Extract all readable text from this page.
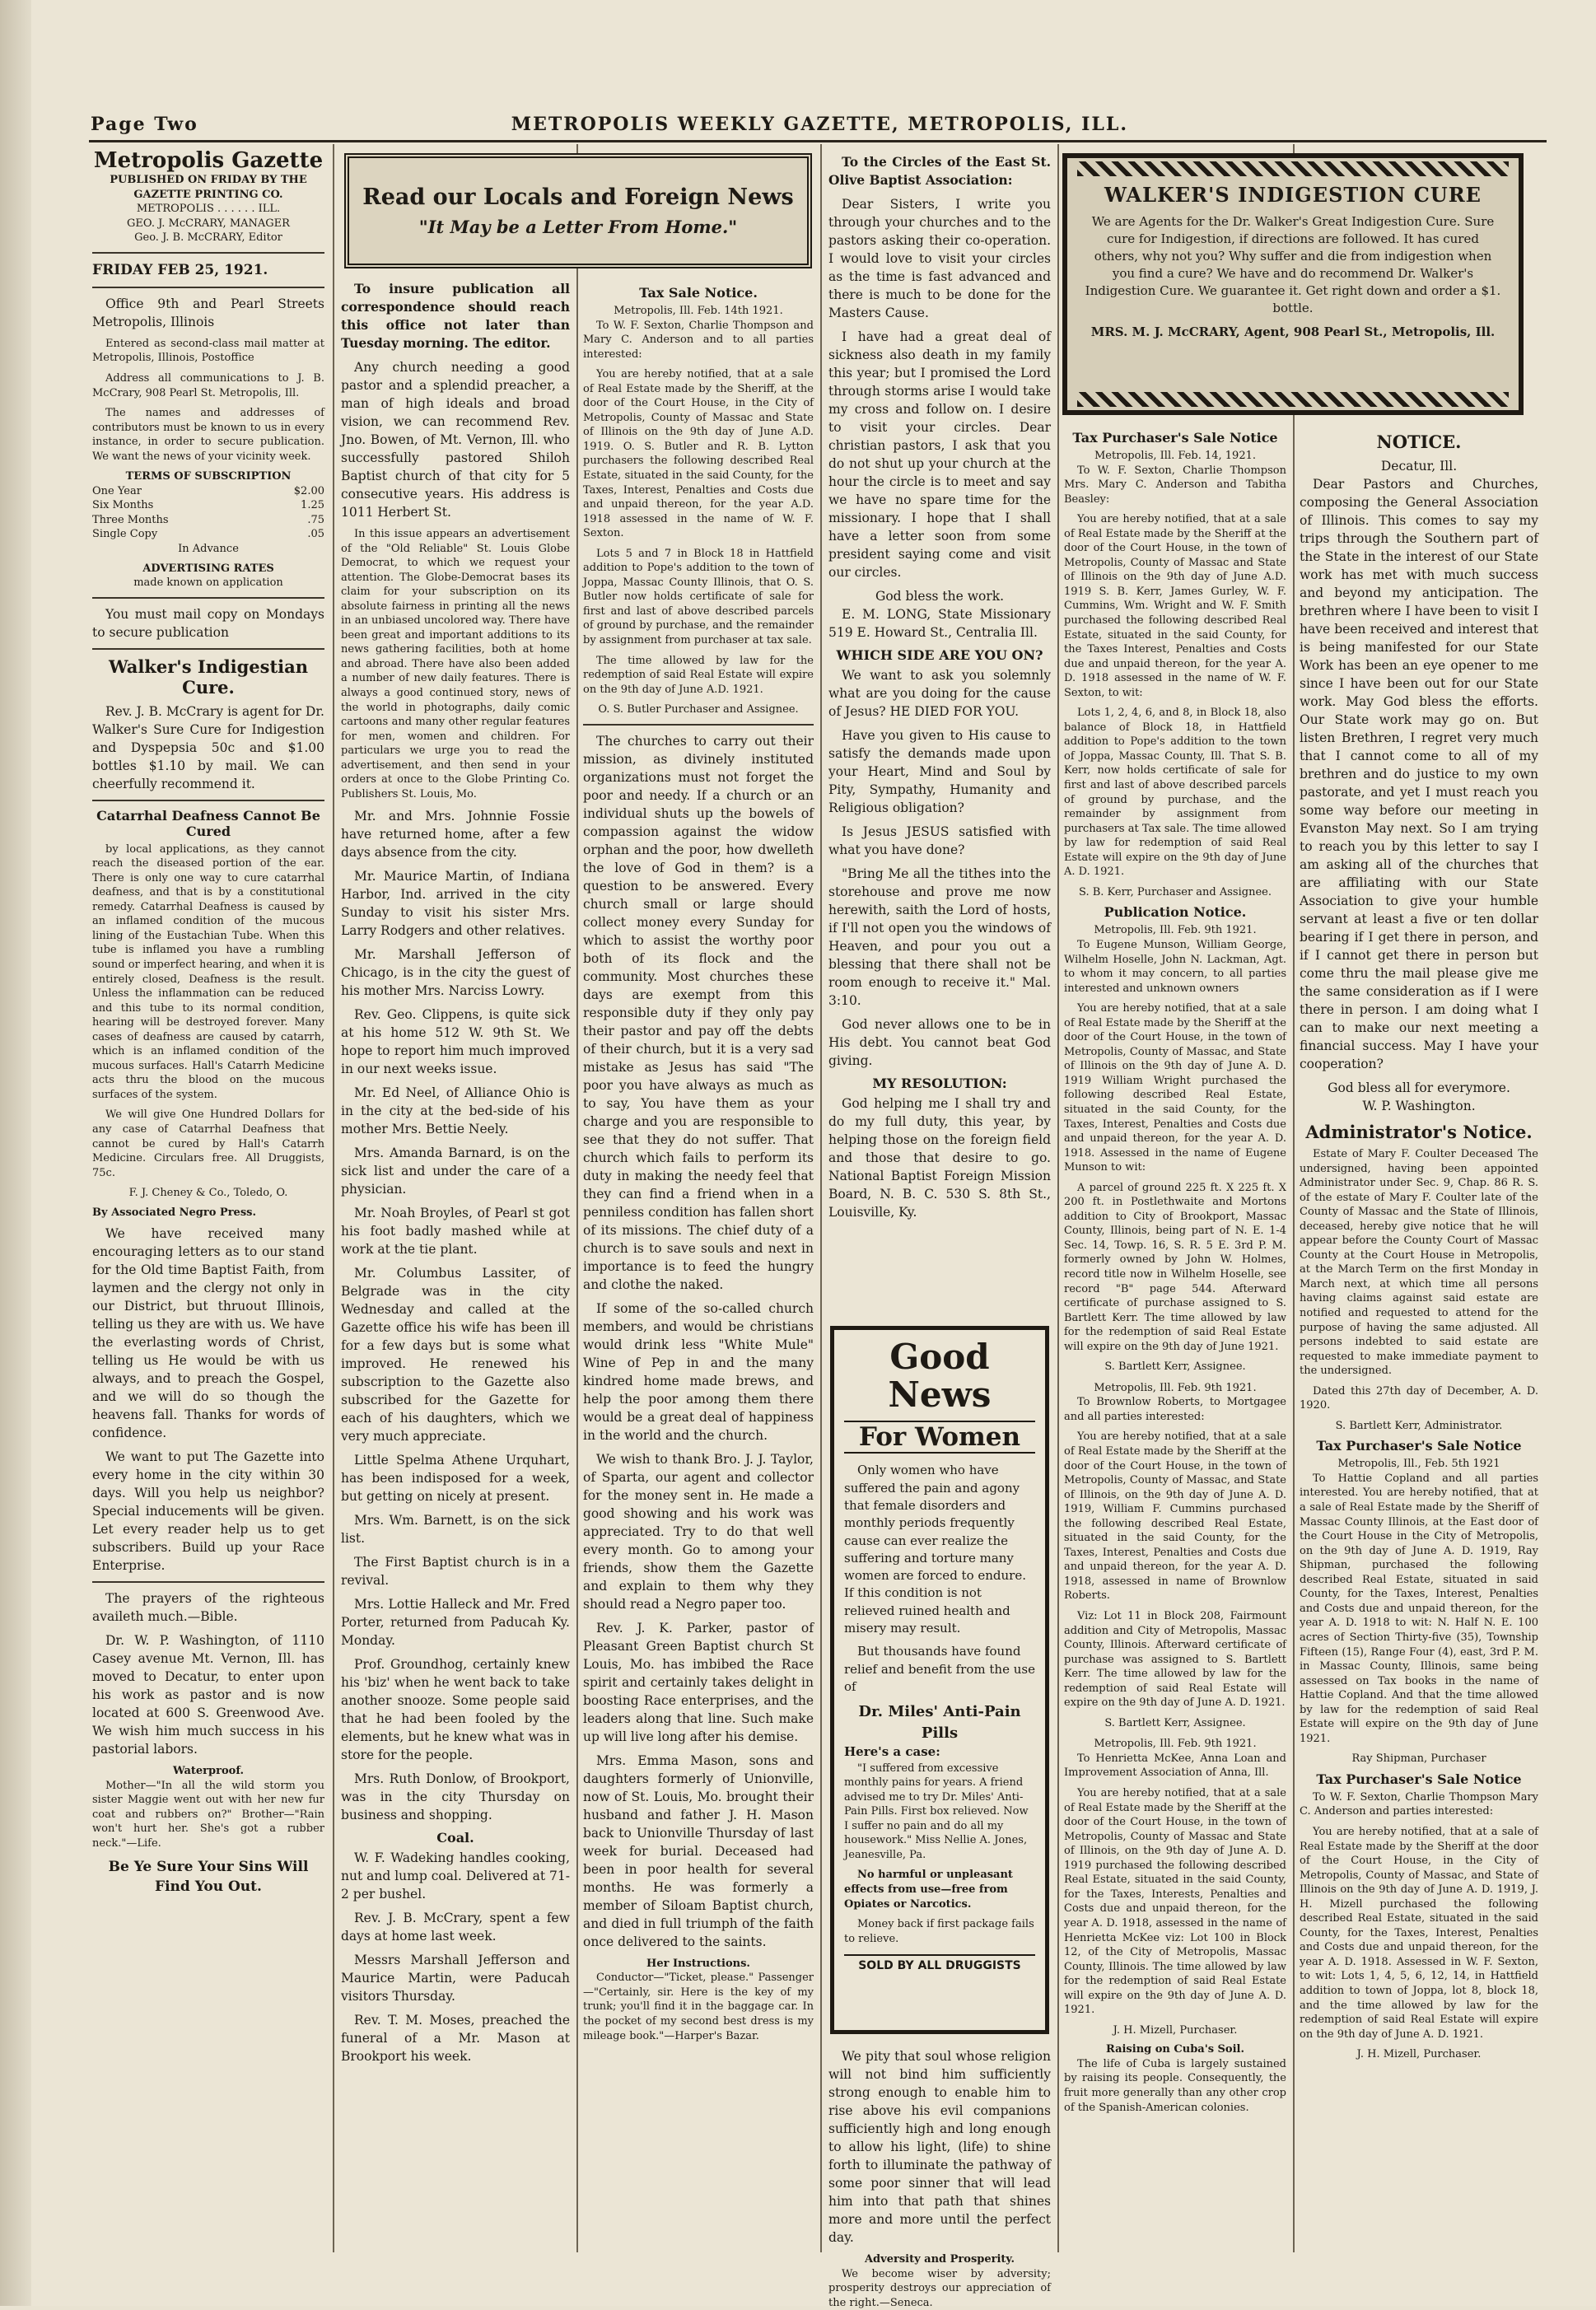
Page Two	METROPOLIS WEEKLY GAZETTE, METROPOLIS, ILL.
Metropolis Gazette
PUBLISHED ON FRIDAY BY THE GAZETTE PRINTING CO.
METROPOLIS . . . . . . ILL.
GEO. J. McCRARY, MANAGER
Geo. J. B. McCRARY, Editor
FRIDAY FEB 25, 1921.

Office 9th and Pearl Streets Metropolis, Illinois

Entered as second-class mail matter at Metropolis, Illinois, Postoffice

Address all communications to J. B. McCrary, 908 Pearl St. Metropolis, Ill.

The names and addresses of contributors must be known to us in every instance, in order to secure publication. We want the news of your vicinity week.

TERMS OF SUBSCRIPTION
One Year	$2.00
Six Months	1.25
Three Months	.75
Single Copy	.05
In Advance
ADVERTISING RATES
made known on application

You must mail copy on Mondays to secure publication

Walker's Indigestian Cure.

Rev. J. B. McCrary is agent for Dr. Walker's Sure Cure for Indigestion and Dyspepsia 50c and $1.00 bottles $1.10 by mail. We can cheerfully recommend it.

Catarrhal Deafness Cannot Be Cured

by local applications, as they cannot reach the diseased portion of the ear. There is only one way to cure catarrhal deafness, and that is by a constitutional remedy. Catarrhal Deafness is caused by an inflamed condition of the mucous lining of the Eustachian Tube. When this tube is inflamed you have a rumbling sound or imperfect hearing, and when it is entirely closed, Deafness is the result. Unless the inflammation can be reduced and this tube to its normal condition, hearing will be destroyed forever. Many cases of deafness are caused by catarrh, which is an inflamed condition of the mucous surfaces. Hall's Catarrh Medicine acts thru the blood on the mucous surfaces of the system.

We will give One Hundred Dollars for any case of Catarrhal Deafness that cannot be cured by Hall's Catarrh Medicine. Circulars free. All Druggists, 75c.

F. J. Cheney & Co., Toledo, O.
By Associated Negro Press.

We have received many encouraging letters as to our stand for the Old time Baptist Faith, from laymen and the clergy not only in our District, but thruout Illinois, telling us they are with us. We have the everlasting words of Christ, telling us He would be with us always, and to preach the Gospel, and we will do so though the heavens fall. Thanks for words of confidence.

We want to put The Gazette into every home in the city within 30 days. Will you help us neighbor? Special inducements will be given. Let every reader help us to get subscribers. Build up your Race Enterprise.

The prayers of the righteous availeth much.—Bible.

Dr. W. P. Washington, of 1110 Casey avenue Mt. Vernon, Ill. has moved to Decatur, to enter upon his work as pastor and is now located at 600 S. Greenwood Ave. We wish him much success in his pastorial labors.

Waterproof.

Mother—"In all the wild storm you sister Maggie went out with her new fur coat and rubbers on?" Brother—"Rain won't hurt her. She's got a rubber neck."—Life.

Be Ye Sure Your Sins Will Find You Out.
Read our Locals and Foreign News
"It May be a Letter From Home."

To insure publication all correspondence should reach this office not later than Tuesday morning. The editor.

Any church needing a good pastor and a splendid preacher, a man of high ideals and broad vision, we can recommend Rev. Jno. Bowen, of Mt. Vernon, Ill. who successfully pastored Shiloh Baptist church of that city for 5 consecutive years. His address is 1011 Herbert St.

In this issue appears an advertisement of the "Old Reliable" St. Louis Globe Democrat, to which we request your attention. The Globe-Democrat bases its claim for your subscription on its absolute fairness in printing all the news in an unbiased uncolored way. There have been great and important additions to its news gathering facilities, both at home and abroad. There have also been added a number of new daily features. There is always a good continued story, news of the world in photographs, daily comic cartoons and many other regular features for men, women and children. For particulars we urge you to read the advertisement, and then send in your orders at once to the Globe Printing Co. Publishers St. Louis, Mo.

Mr. and Mrs. Johnnie Fossie have returned home, after a few days absence from the city.

Mr. Maurice Martin, of Indiana Harbor, Ind. arrived in the city Sunday to visit his sister Mrs. Larry Rodgers and other relatives.

Mr. Marshall Jefferson of Chicago, is in the city the guest of his mother Mrs. Narciss Lowry.

Rev. Geo. Clippens, is quite sick at his home 512 W. 9th St. We hope to report him much improved in our next weeks issue.

Mr. Ed Neel, of Alliance Ohio is in the city at the bed-side of his mother Mrs. Bettie Neely.

Mrs. Amanda Barnard, is on the sick list and under the care of a physician.

Mr. Noah Broyles, of Pearl st got his foot badly mashed while at work at the tie plant.

Mr. Columbus Lassiter, of Belgrade was in the city Wednesday and called at the Gazette office his wife has been ill for a few days but is some what improved. He renewed his subscription to the Gazette also subscribed for the Gazette for each of his daughters, which we very much appreciate.

Little Spelma Athene Urquhart, has been indisposed for a week, but getting on nicely at present.

Mrs. Wm. Barnett, is on the sick list.

The First Baptist church is in a revival.

Mrs. Lottie Halleck and Mr. Fred Porter, returned from Paducah Ky. Monday.

Prof. Groundhog, certainly knew his 'biz' when he went back to take another snooze. Some people said that he had been fooled by the elements, but he knew what was in store for the people.

Mrs. Ruth Donlow, of Brookport, was in the city Thursday on business and shopping.

Coal.

W. F. Wadeking handles cooking, nut and lump coal. Delivered at 71-2 per bushel.

Rev. J. B. McCrary, spent a few days at home last week.

Messrs Marshall Jefferson and Maurice Martin, were Paducah visitors Thursday.

Rev. T. M. Moses, preached the funeral of a Mr. Mason at Brookport his week.

Tax Sale Notice.
Metropolis, Ill. Feb. 14th 1921.

To W. F. Sexton, Charlie Thompson and Mary C. Anderson and to all parties interested:

You are hereby notified, that at a sale of Real Estate made by the Sheriff, at the door of the Court House, in the City of Metropolis, County of Massac and State of Illinois on the 9th day of June A.D. 1919. O. S. Butler and R. B. Lytton purchasers the following described Real Estate, situated in the said County, for the Taxes, Interest, Penalties and Costs due and unpaid thereon, for the year A.D. 1918 assessed in the name of W. F. Sexton.

Lots 5 and 7 in Block 18 in Hattfield addition to Pope's addition to the town of Joppa, Massac County Illinois, that O. S. Butler now holds certificate of sale for first and last of above described parcels of ground by purchase, and the remainder by assignment from purchaser at tax sale.

The time allowed by law for the redemption of said Real Estate will expire on the 9th day of June A.D. 1921.

O. S. Butler Purchaser and Assignee.

The churches to carry out their mission, as divinely instituted organizations must not forget the poor and needy. If a church or an individual shuts up the bowels of compassion against the widow orphan and the poor, how dwelleth the love of God in them? is a question to be answered. Every church small or large should collect money every Sunday for which to assist the worthy poor both of its flock and the community. Most churches these days are exempt from this responsible duty if they only pay their pastor and pay off the debts of their church, but it is a very sad mistake as Jesus has said "The poor you have always as much as to say, You have them as your charge and you are responsible to see that they do not suffer. That church which fails to perform its duty in making the needy feel that they can find a friend when in a penniless condition has fallen short of its missions. The chief duty of a church is to save souls and next in importance is to feed the hungry and clothe the naked.

If some of the so-called church members, and would be christians would drink less "White Mule" Wine of Pep in and the many kindred home made brews, and help the poor among them there would be a great deal of happiness in the world and the church.

We wish to thank Bro. J. J. Taylor, of Sparta, our agent and collector for the money sent in. He made a good showing and his work was appreciated. Try to do that well every month. Go to among your friends, show them the Gazette and explain to them why they should read a Negro paper too.

Rev. J. K. Parker, pastor of Pleasant Green Baptist church St Louis, Mo. has imbibed the Race spirit and certainly takes delight in boosting Race enterprises, and the leaders along that line. Such make up will live long after his demise.

Mrs. Emma Mason, sons and daughters formerly of Unionville, now of St. Louis, Mo. brought their husband and father J. H. Mason back to Unionville Thursday of last week for burial. Deceased had been in poor health for several months. He was formerly a member of Siloam Baptist church, and died in full triumph of the faith once delivered to the saints.

Her Instructions.

Conductor—"Ticket, please." Passenger—"Certainly, sir. Here is the key of my trunk; you'll find it in the baggage car. In the pocket of my second best dress is my mileage book."—Harper's Bazar.

To the Circles of the East St. Olive Baptist Association:

Dear Sisters, I write you through your churches and to the pastors asking their co-operation. I would love to visit your circles as the time is fast advanced and there is much to be done for the Masters Cause.

I have had a great deal of sickness also death in my family this year; but I promised the Lord through storms arise I would take my cross and follow on. I desire to visit your circles. Dear christian pastors, I ask that you do not shut up your church at the hour the circle is to meet and say we have no spare time for the missionary. I hope that I shall have a letter soon from some president saying come and visit our circles.

God bless the work.

E. M. LONG, State Missionary 519 E. Howard St., Centralia Ill.

WHICH SIDE ARE YOU ON?

We want to ask you solemnly what are you doing for the cause of Jesus? HE DIED FOR YOU.

Have you given to His cause to satisfy the demands made upon your Heart, Mind and Soul by Pity, Sympathy, Humanity and Religious obligation?

Is Jesus JESUS satisfied with what you have done?

"Bring Me all the tithes into the storehouse and prove me now herewith, saith the Lord of hosts, if I'll not open you the windows of Heaven, and pour you out a blessing that there shall not be room enough to receive it." Mal. 3:10.

God never allows one to be in His debt. You cannot beat God giving.

MY RESOLUTION:

God helping me I shall try and do my full duty, this year, by helping those on the foreign field and those that desire to go. National Baptist Foreign Mission Board, N. B. C. 530 S. 8th St., Louisville, Ky.

Good News
For Women

Only women who have suffered the pain and agony that female disorders and monthly periods frequently cause can ever realize the suffering and torture many women are forced to endure. If this condition is not relieved ruined health and misery may result.

But thousands have found relief and benefit from the use of

Dr. Miles' Anti-Pain Pills
Here's a case:

"I suffered from excessive monthly pains for years. A friend advised me to try Dr. Miles' Anti-Pain Pills. First box relieved. Now I suffer no pain and do all my housework." Miss Nellie A. Jones, Jeanesville, Pa.

No harmful or unpleasant effects from use—free from Opiates or Narcotics.

Money back if first package fails to relieve.

SOLD BY ALL DRUGGISTS

We pity that soul whose religion will not bind him sufficiently strong enough to enable him to rise above his evil companions sufficiently high and long enough to allow his light, (life) to shine forth to illuminate the pathway of some poor sinner that will lead him into that path that shines more and more until the perfect day.

Adversity and Prosperity.

We become wiser by adversity; prosperity destroys our appreciation of the right.—Seneca.

WALKER'S INDIGESTION CURE
We are Agents for the Dr. Walker's Great Indigestion Cure. Sure cure for Indigestion, if directions are followed. It has cured others, why not you? Why suffer and die from indigestion when you find a cure? We have and do recommend Dr. Walker's Indigestion Cure. We guarantee it. Get right down and order a $1. bottle.
MRS. M. J. McCRARY, Agent, 908 Pearl St., Metropolis, Ill.
Tax Purchaser's Sale Notice
Metropolis, Ill. Feb. 14, 1921.

To W. F. Sexton, Charlie Thompson Mrs. Mary C. Anderson and Tabitha Beasley:

You are hereby notified, that at a sale of Real Estate made by the Sheriff at the door of the Court House, in the town of Metropolis, County of Massac and State of Illinois on the 9th day of June A.D. 1919 S. B. Kerr, James Gurley, W. F. Cummins, Wm. Wright and W. F. Smith purchased the following described Real Estate, situated in the said County, for the Taxes Interest, Penalties and Costs due and unpaid thereon, for the year A. D. 1918 assessed in the name of W. F. Sexton, to wit:

Lots 1, 2, 4, 6, and 8, in Block 18, also balance of Block 18, in Hattfield addition to Pope's addition to the town of Joppa, Massac County, Ill. That S. B. Kerr, now holds certificate of sale for first and last of above described parcels of ground by purchase, and the remainder by assignment from purchasers at Tax sale. The time allowed by law for redemption of said Real Estate will expire on the 9th day of June A. D. 1921.

S. B. Kerr, Purchaser and Assignee.
Publication Notice.
Metropolis, Ill. Feb. 9th 1921.

To Eugene Munson, William George, Wilhelm Hoselle, John N. Lackman, Agt. to whom it may concern, to all parties interested and unknown owners

You are hereby notified, that at a sale of Real Estate made by the Sheriff at the door of the Court House, in the town of Metropolis, County of Massac, and State of Illinois on the 9th day of June A. D. 1919 William Wright purchased the following described Real Estate, situated in the said County, for the Taxes, Interest, Penalties and Costs due and unpaid thereon, for the year A. D. 1918. Assessed in the name of Eugene Munson to wit:

A parcel of ground 225 ft. X 225 ft. X 200 ft. in Postlethwaite and Mortons addition to City of Brookport, Massac County, Illinois, being part of N. E. 1-4 Sec. 14, Towp. 16, S. R. 5 E. 3rd P. M. formerly owned by John W. Holmes, record title now in Wilhelm Hoselle, see record "B" page 544. Afterward certificate of purchase assigned to S. Bartlett Kerr. The time allowed by law for the redemption of said Real Estate will expire on the 9th day of June 1921.

S. Bartlett Kerr, Assignee.
Metropolis, Ill. Feb. 9th 1921.

To Brownlow Roberts, to Mortgagee and all parties interested:

You are hereby notified, that at a sale of Real Estate made by the Sheriff at the door of the Court House, in the town of Metropolis, County of Massac, and State of Illinois, on the 9th day of June A. D. 1919, William F. Cummins purchased the following described Real Estate, situated in the said County, for the Taxes, Interest, Penalties and Costs due and unpaid thereon, for the year A. D. 1918, assessed in name of Brownlow Roberts.

Viz: Lot 11 in Block 208, Fairmount addition and City of Metropolis, Massac County, Illinois. Afterward certificate of purchase was assigned to S. Bartlett Kerr. The time allowed by law for the redemption of said Real Estate will expire on the 9th day of June A. D. 1921.

S. Bartlett Kerr, Assignee.
Metropolis, Ill. Feb. 9th 1921.

To Henrietta McKee, Anna Loan and Improvement Association of Anna, Ill.

You are hereby notified, that at a sale of Real Estate made by the Sheriff at the door of the Court House, in the town of Metropolis, County of Massac and State of Illinois, on the 9th day of June A. D. 1919 purchased the following described Real Estate, situated in the said County, for the Taxes, Interests, Penalties and Costs due and unpaid thereon, for the year A. D. 1918, assessed in the name of Henrietta McKee viz: Lot 100 in Block 12, of the City of Metropolis, Massac County, Illinois. The time allowed by law for the redemption of said Real Estate will expire on the 9th day of June A. D. 1921.

J. H. Mizell, Purchaser.
Raising on Cuba's Soil.

The life of Cuba is largely sustained by raising its people. Consequently, the fruit more generally than any other crop of the Spanish-American colonies.

NOTICE.
Decatur, Ill.

Dear Pastors and Churches, composing the General Association of Illinois. This comes to say my trips through the Southern part of the State in the interest of our State work has met with much success and beyond my anticipation. The brethren where I have been to visit I have been received and interest that is being manifested for our State Work has been an eye opener to me since I have been out for our State work. May God bless the efforts. Our State work may go on. But listen Brethren, I regret very much that I cannot come to all of my brethren and do justice to my own pastorate, and yet I must reach you some way before our meeting in Evanston May next. So I am trying to reach you by this letter to say I am asking all of the churches that are affiliating with our State Association to give your humble servant at least a five or ten dollar bearing if I get there in person, and if I cannot get there in person but come thru the mail please give me the same consideration as if I were there in person. I am doing what I can to make our next meeting a financial success. May I have your cooperation?

God bless all for everymore.
W. P. Washington.
Administrator's Notice.

Estate of Mary F. Coulter Deceased The undersigned, having been appointed Administrator under Sec. 9, Chap. 86 R. S. of the estate of Mary F. Coulter late of the County of Massac and the State of Illinois, deceased, hereby give notice that he will appear before the County Court of Massac County at the Court House in Metropolis, at the March Term on the first Monday in March next, at which time all persons having claims against said estate are notified and requested to attend for the purpose of having the same adjusted. All persons indebted to said estate are requested to make immediate payment to the undersigned.

Dated this 27th day of December, A. D. 1920.

S. Bartlett Kerr, Administrator.
Tax Purchaser's Sale Notice
Metropolis, Ill., Feb. 5th 1921

To Hattie Copland and all parties interested. You are hereby notified, that at a sale of Real Estate made by the Sheriff of Massac County Illinois, at the East door of the Court House in the City of Metropolis, on the 9th day of June A. D. 1919, Ray Shipman, purchased the following described Real Estate, situated in said County, for the Taxes, Interest, Penalties and Costs due and unpaid thereon, for the year A. D. 1918 to wit: N. Half N. E. 100 acres of Section Thirty-five (35), Township Fifteen (15), Range Four (4), east, 3rd P. M. in Massac County, Illinois, same being assessed on Tax books in the name of Hattie Copland. And that the time allowed by law for the redemption of said Real Estate will expire on the 9th day of June 1921.

Ray Shipman, Purchaser
Tax Purchaser's Sale Notice

To W. F. Sexton, Charlie Thompson Mary C. Anderson and parties interested:

You are hereby notified, that at a sale of Real Estate made by the Sheriff at the door of the Court House, in the City of Metropolis, County of Massac, and State of Illinois on the 9th day of June A. D. 1919, J. H. Mizell purchased the following described Real Estate, situated in the said County, for the Taxes, Interest, Penalties and Costs due and unpaid thereon, for the year A. D. 1918. Assessed in W. F. Sexton, to wit: Lots 1, 4, 5, 6, 12, 14, in Hattfield addition to town of Joppa, lot 8, block 18, and the time allowed by law for the redemption of said Real Estate will expire on the 9th day of June A. D. 1921.

J. H. Mizell, Purchaser.
